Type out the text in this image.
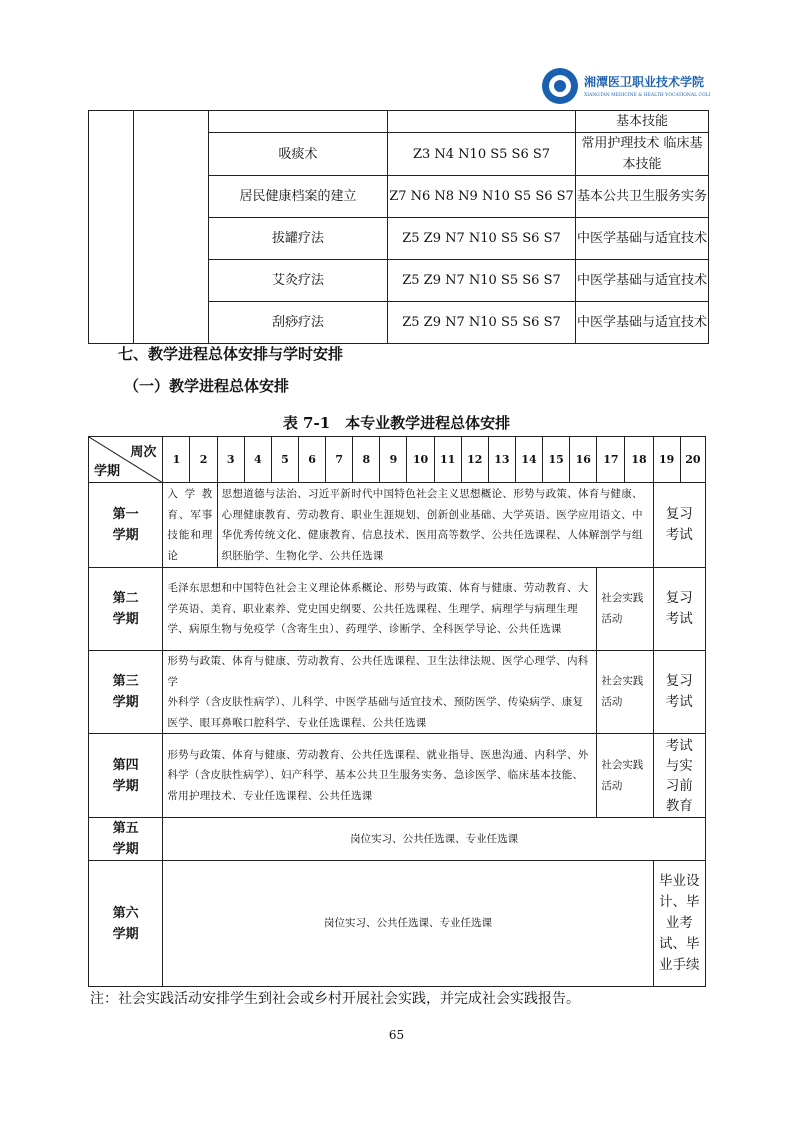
湘潭医卫职业技术学院
XIANGTAN MEDICINE & HEALTH VOCATIONAL COLLEGE
				基本技能
		吸痰术	Z3 N4 N10 S5 S6 S7	常用护理技术 临床基本技能
		居民健康档案的建立	Z7 N6 N8 N9 N10 S5 S6 S7	基本公共卫生服务实务
		拔罐疗法	Z5 Z9 N7 N10 S5 S6 S7	中医学基础与适宜技术
		艾灸疗法	Z5 Z9 N7 N10 S5 S6 S7	中医学基础与适宜技术
		刮痧疗法	Z5 Z9 N7 N10 S5 S6 S7	中医学基础与适宜技术
七、教学进程总体安排与学时安排
（一）教学进程总体安排
表 7-1　本专业教学进程总体安排
周次
学期	1	2	3	4	5	6	7	8	9	10	11	12	13	14	15	16	17	18	19	20

第一学期	入学教育、军事技能和理论		思想道德与法治、习近平新时代中国特色社会主义思想概论、形势与政策、体育与健康、心理健康教育、劳动教育、职业生涯规划、创新创业基础、大学英语、医学应用语文、中华优秀传统文化、健康教育、信息技术、医用高等数学、公共任选课程、人体解剖学与组织胚胎学、生物化学、公共任选课																复习考试	

第二学期	毛泽东思想和中国特色社会主义理论体系概论、形势与政策、体育与健康、劳动教育、大学英语、美育、职业素养、党史国史纲要、公共任选课程、生理学、病理学与病理生理学、病原生物与免疫学（含寄生虫）、药理学、诊断学、全科医学导论、公共任选课																社会实践活动		复习考试	

第三学期	形势与政策、体育与健康、劳动教育、公共任选课程、卫生法律法规、医学心理学、内科学
外科学（含皮肤性病学）、儿科学、中医学基础与适宜技术、预防医学、传染病学、康复医学、眼耳鼻喉口腔科学、专业任选课程、公共任选课																社会实践活动		复习考试	

第四学期	形势与政策、体育与健康、劳动教育、公共任选课程、就业指导、医患沟通、内科学、外科学（含皮肤性病学）、妇产科学、基本公共卫生服务实务、急诊医学、临床基本技能、常用护理技术、专业任选课程、公共任选课																社会实践活动		考试与实习前教育	

第五学期	岗位实习、公共任选课、专业任选课																			

第六学期	岗位实习、公共任选课、专业任选课																		毕业设计、毕业考试、毕业手续	
注：社会实践活动安排学生到社会或乡村开展社会实践，并完成社会实践报告。
65
